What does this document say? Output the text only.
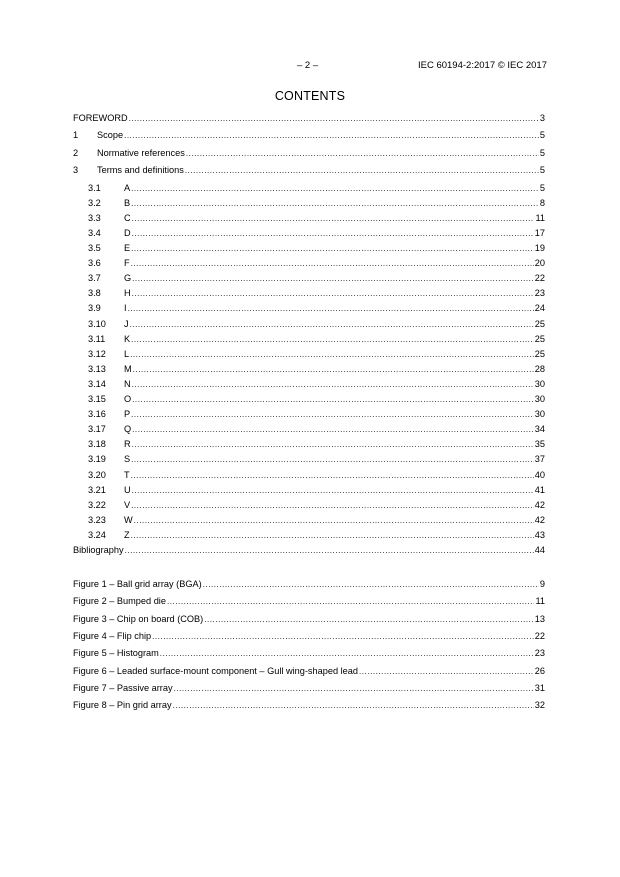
– 2 –	IEC 60194-2:2017 © IEC 2017
CONTENTS
FOREWORD .....	3
1	Scope .....	5
2	Normative references .....	5
3	Terms and definitions .....	5
3.1	A .....	5
3.2	B .....	8
3.3	C .....	11
3.4	D .....	17
3.5	E .....	19
3.6	F .....	20
3.7	G .....	22
3.8	H .....	23
3.9	I .....	24
3.10	J .....	25
3.11	K .....	25
3.12	L .....	25
3.13	M .....	28
3.14	N .....	30
3.15	O .....	30
3.16	P .....	30
3.17	Q .....	34
3.18	R .....	35
3.19	S .....	37
3.20	T .....	40
3.21	U .....	41
3.22	V .....	42
3.23	W .....	42
3.24	Z .....	43
Bibliography .....	44
Figure 1 – Ball grid array (BGA) .....	9
Figure 2 – Bumped die .....	11
Figure 3 – Chip on board (COB) .....	13
Figure 4 – Flip chip .....	22
Figure 5 – Histogram .....	23
Figure 6 – Leaded surface-mount component – Gull wing-shaped lead .....	26
Figure 7 – Passive array .....	31
Figure 8 – Pin grid array .....	32
